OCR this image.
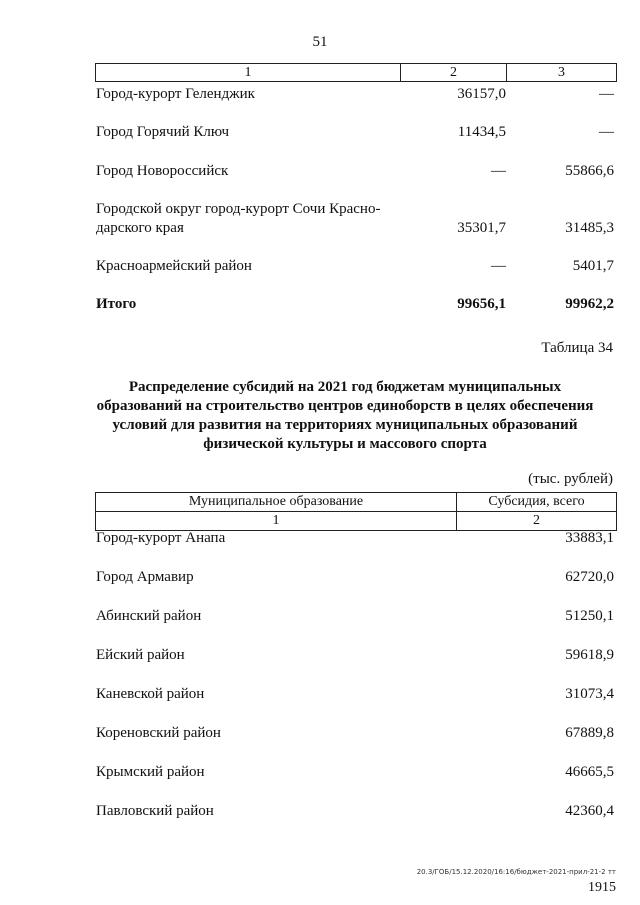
51
1	2	3
Город-курорт Геленджик	36157,0	—
Город Горячий Ключ	11434,5	—
Город Новороссийск	—	55866,6
Городской округ город-курорт Сочи Красно-
дарского края	35301,7	31485,3
Красноармейский район	—	5401,7
Итого	99656,1	99962,2
Таблица 34
Распределение субсидий на 2021 год бюджетам муниципальных
образований на строительство центров единоборств в целях обеспечения
условий для развития на территориях муниципальных образований
физической культуры и массового спорта
(тыс. рублей)
Муниципальное образование	Субсидия, всего
1	2
Город-курорт Анапа	33883,1
Город Армавир	62720,0
Абинский район	51250,1
Ейский район	59618,9
Каневской район	31073,4
Кореновский район	67889,8
Крымский район	46665,5
Павловский район	42360,4
20.3/ГОБ/15.12.2020/16:16/бюджет-2021-прил-21-2 тт
1915
